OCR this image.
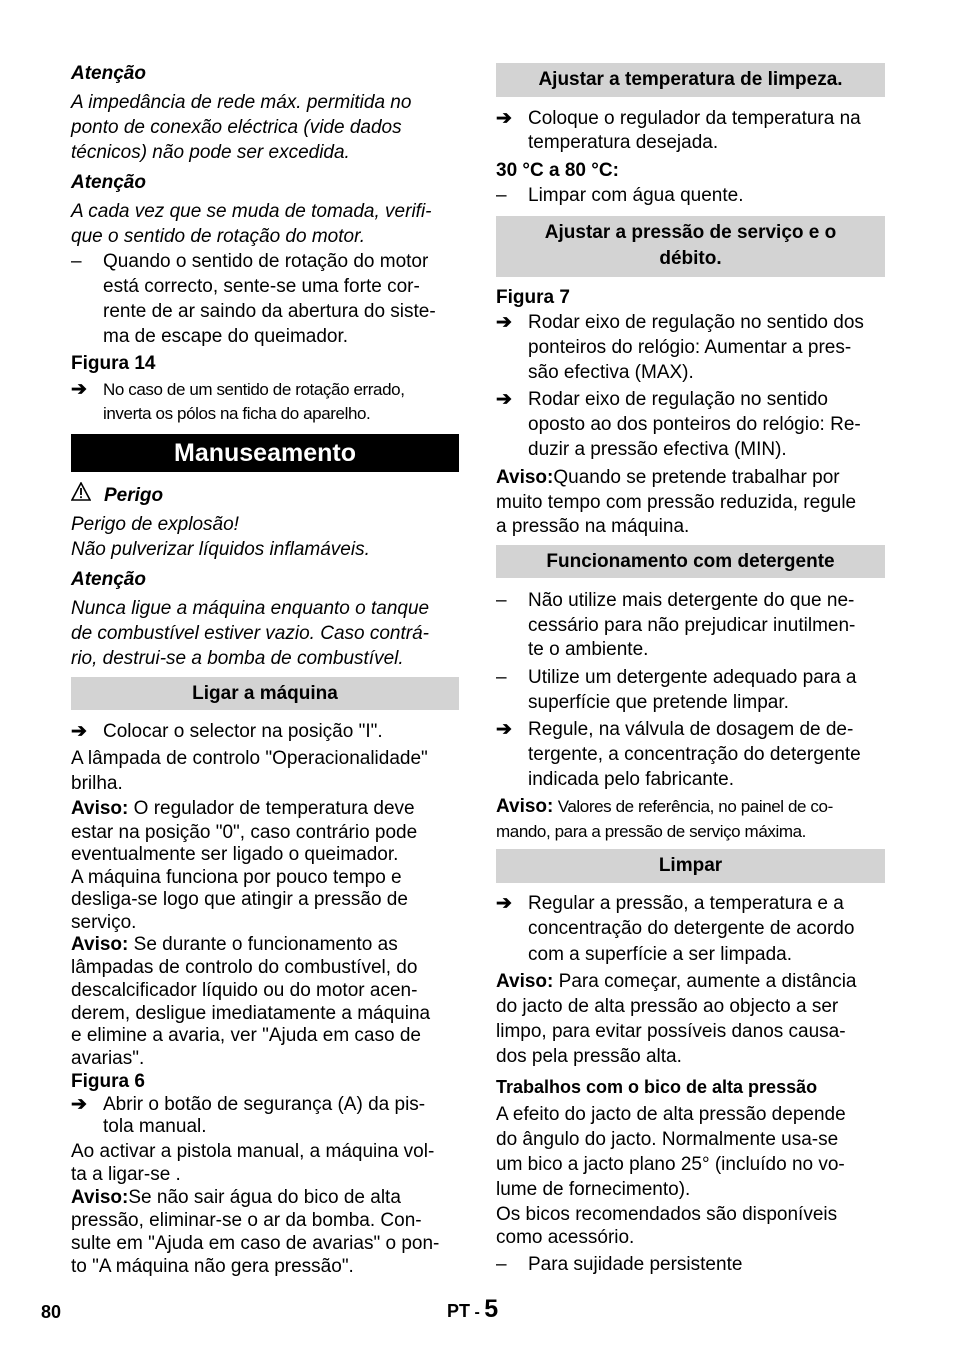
Atenção
A impedância de rede máx. permitida no
ponto de conexão eléctrica (vide dados
técnicos) não pode ser excedida.
Atenção
A cada vez que se muda de tomada, verifi-
que o sentido de rotação do motor.
– Quando o sentido de rotação do motor
está correcto, sente-se uma forte cor-
rente de ar saindo da abertura do siste-
ma de escape do queimador.
Figura 14
➔ No caso de um sentido de rotação errado,
inverta os pólos na ficha do aparelho.
Manuseamento
Perigo
Perigo de explosão!
Não pulverizar líquidos inflamáveis.
Atenção
Nunca ligue a máquina enquanto o tanque
de combustível estiver vazio. Caso contrá-
rio, destrui-se a bomba de combustível.
Ligar a máquina
➔ Colocar o selector na posição "I".
A lâmpada de controlo "Operacionalidade"
brilha.
Aviso: O regulador de temperatura deve
estar na posição "0", caso contrário pode
eventualmente ser ligado o queimador.
A máquina funciona por pouco tempo e
desliga-se logo que atingir a pressão de
serviço.
Aviso: Se durante o funcionamento as
lâmpadas de controlo do combustível, do
descalcificador líquido ou do motor acen-
derem, desligue imediatamente a máquina
e elimine a avaria, ver "Ajuda em caso de
avarias".
Figura 6
➔ Abrir o botão de segurança (A) da pis-
tola manual.
Ao activar a pistola manual, a máquina vol-
ta a ligar-se .
Aviso:Se não sair água do bico de alta
pressão, eliminar-se o ar da bomba. Con-
sulte em "Ajuda em caso de avarias" o pon-
to "A máquina não gera pressão".
Ajustar a temperatura de limpeza.
➔ Coloque o regulador da temperatura na
temperatura desejada.
30 °C a 80 °C:
– Limpar com água quente.
Ajustar a pressão de serviço e o
débito.
Figura 7
➔ Rodar eixo de regulação no sentido dos
ponteiros do relógio: Aumentar a pres-
são efectiva (MAX).
➔ Rodar eixo de regulação no sentido
oposto ao dos ponteiros do relógio: Re-
duzir a pressão efectiva (MIN).
Aviso:Quando se pretende trabalhar por
muito tempo com pressão reduzida, regule
a pressão na máquina.
Funcionamento com detergente
– Não utilize mais detergente do que ne-
cessário para não prejudicar inutilmen-
te o ambiente.
– Utilize um detergente adequado para a
superfície que pretende limpar.
➔ Regule, na válvula de dosagem de de-
tergente, a concentração do detergente
indicada pelo fabricante.
Aviso: Valores de referência, no painel de co-
mando, para a pressão de serviço máxima.
Limpar
➔ Regular a pressão, a temperatura e a
concentração do detergente de acordo
com a superfície a ser limpada.
Aviso: Para começar, aumente a distância
do jacto de alta pressão ao objecto a ser
limpo, para evitar possíveis danos causa-
dos pela pressão alta.
Trabalhos com o bico de alta pressão
A efeito do jacto de alta pressão depende
do ângulo do jacto. Normalmente usa-se
um bico a jacto plano 25° (incluído no vo-
lume de fornecimento).
Os bicos recomendados são disponíveis
como acessório.
– Para sujidade persistente
80	PT - 5
